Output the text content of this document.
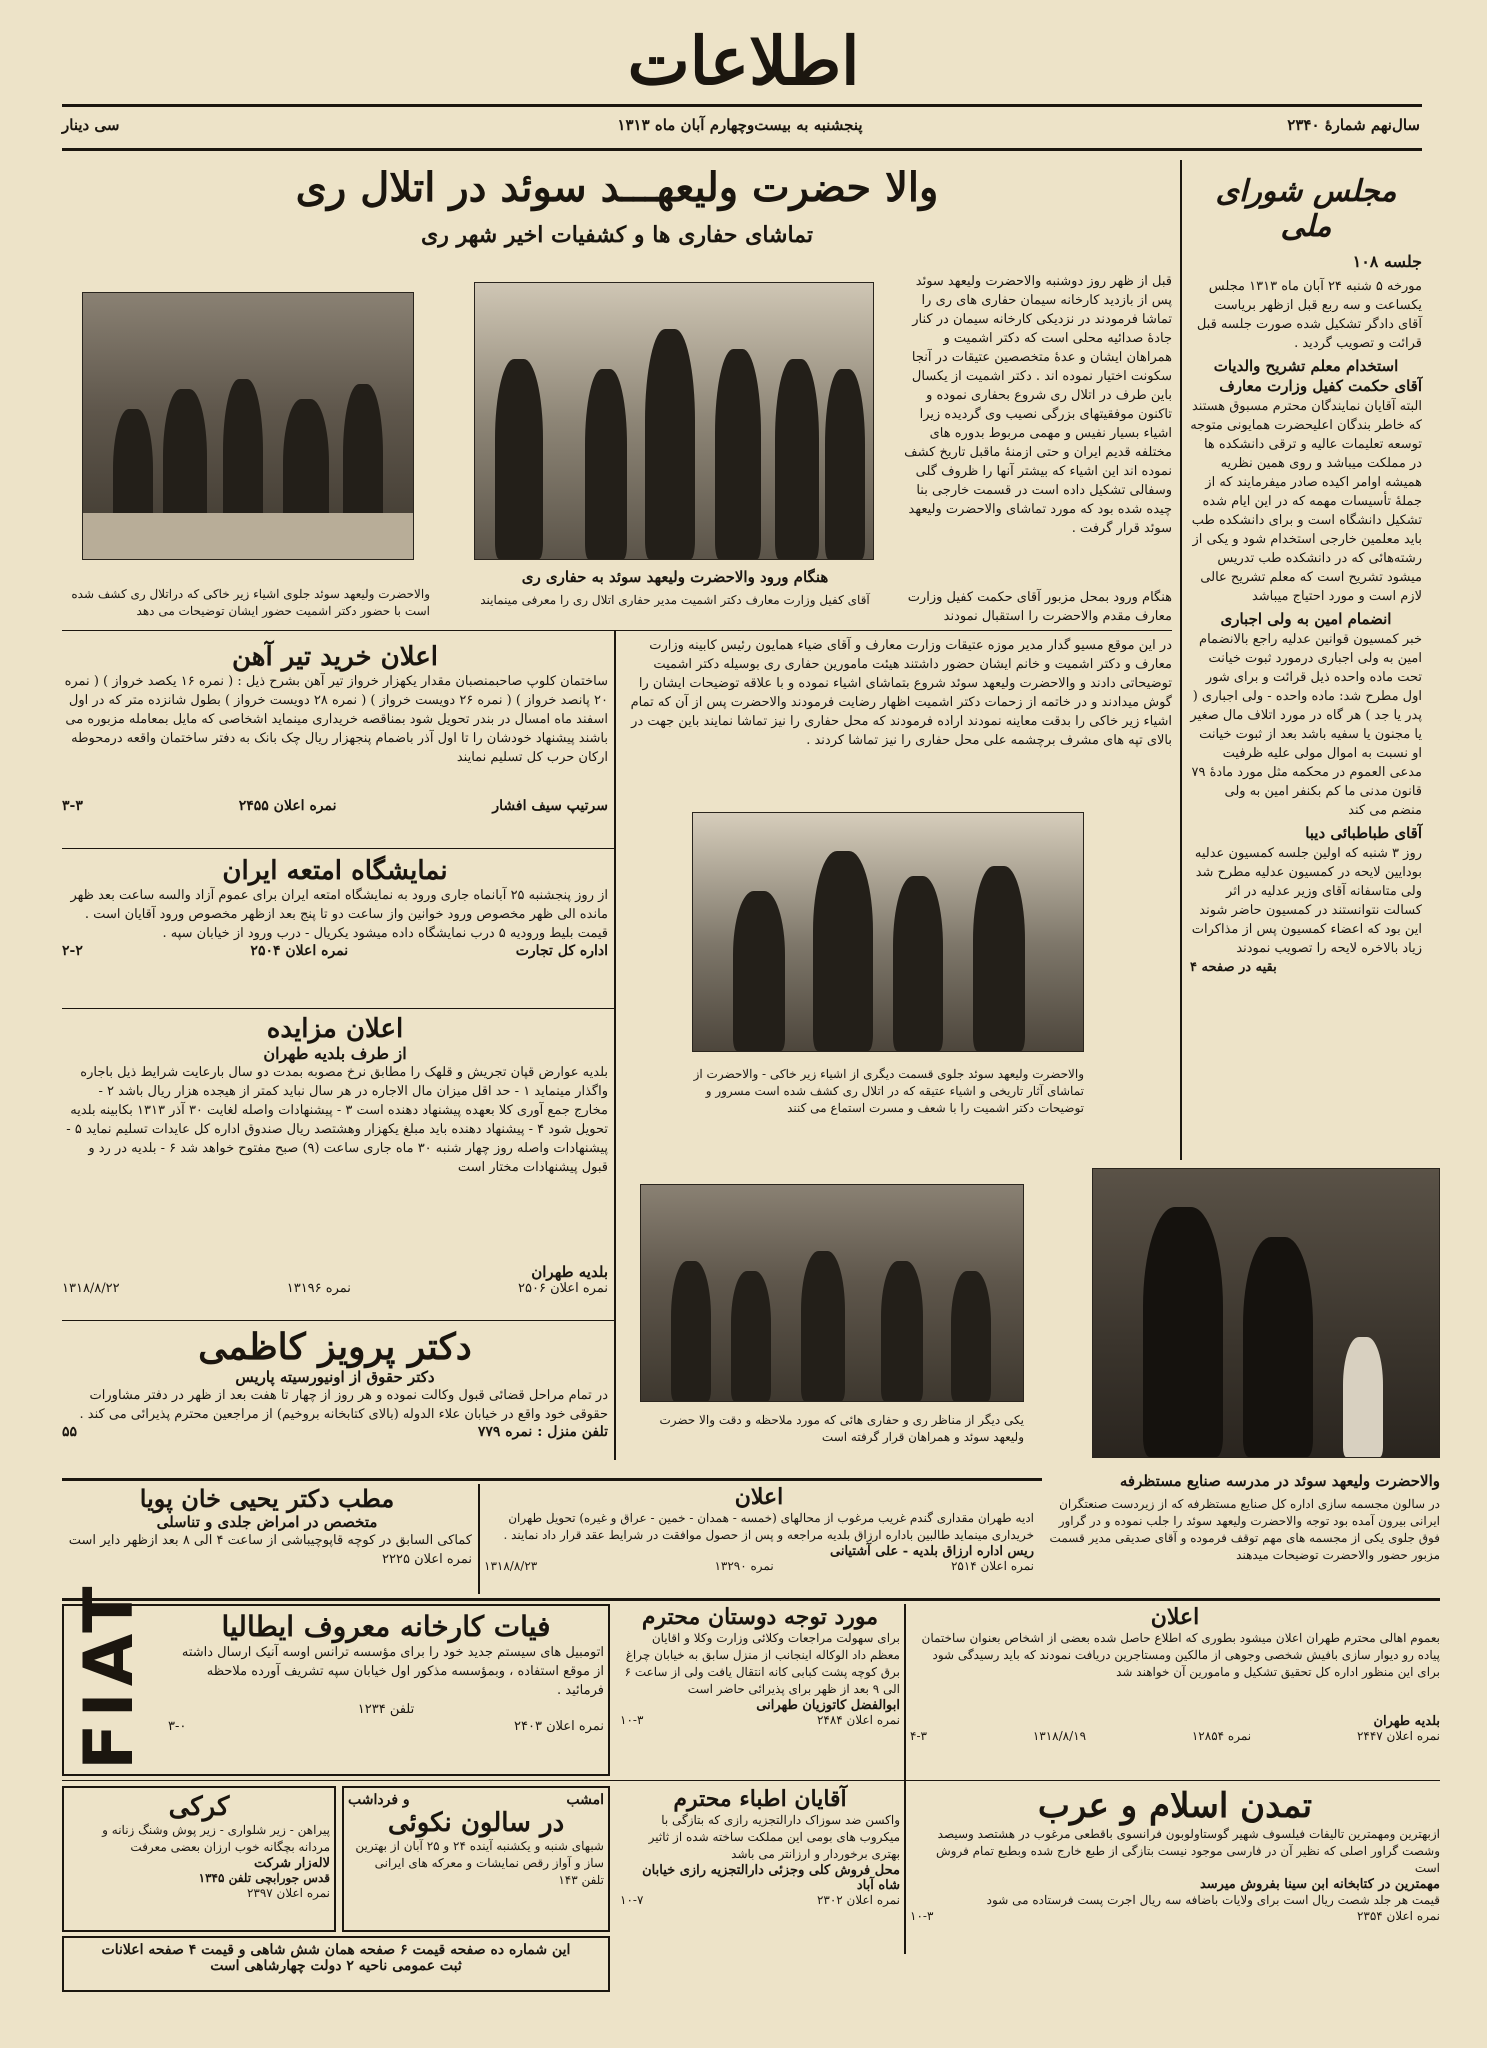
اطلاعات
سال‌نهم شمارهٔ ۲۳۴۰
پنجشنبه به بیست‌وچهارم آبان ماه ۱۳۱۳
سی دینار
مجلس شورای ملی
جلسه ۱۰۸
مورخه ۵ شنبه ۲۴ آبان ماه ۱۳۱۳ مجلس یکساعت و سه ربع قبل ازظهر بریاست آقای دادگر تشکیل شده صورت جلسه قبل قرائت و تصویب گردید .
استخدام معلم تشریح والدیات
آقای حکمت کفیل وزارت معارف
البته آقایان نمایندگان محترم مسبوق هستند که خاطر بندگان اعلیحضرت همایونی متوجه توسعه تعلیمات عالیه و ترقی دانشکده ها در مملکت میباشد و روی همین نظریه همیشه اوامر اکیده صادر میفرمایند که از جملهٔ تأسیسات مهمه که در این ایام شده تشکیل دانشگاه است و برای دانشکده طب باید معلمین خارجی استخدام شود و یکی از رشته‌هائی که در دانشکده طب تدریس میشود تشریح است که معلم تشریح عالی لازم است و مورد احتیاج میباشد
انضمام امین به ولی اجباری
خبر کمسیون قوانین عدلیه راجع بالانضمام امین به ولی اجباری درمورد ثبوت خیانت تحت ماده واحده ذیل قرائت و برای شور اول مطرح شد: ماده واحده - ولی اجباری ( پدر یا جد ) هر گاه در مورد اتلاف مال صغیر یا مجنون یا سفیه باشد بعد از ثبوت خیانت او نسبت به اموال مولی علیه ظرفیت مدعی العموم در محکمه مثل مورد مادهٔ ۷۹ قانون مدنی ما کم بکنفر امین به ولی منضم می کند
آقای طباطبائی دیبا
روز ۳ شنبه که اولین جلسه کمسیون عدلیه بودایین لایحه در کمسیون عدلیه مطرح شد ولی متاسفانه آقای وزیر عدلیه در اثر کسالت نتوانستند در کمسیون حاضر شوند این بود که اعضاء کمسیون پس از مذاکرات زیاد بالاخره لایحه را تصویب نمودند
بقیه در صفحه ۴
والا حضرت ولیعهـــد سوئد در اتلال ری
تماشای حفاری ها و کشفیات اخیر شهر ری
والاحضرت ولیعهد سوئد جلوی اشیاء زیر خاکی که دراتلال ری کشف شده است با حضور دکتر اشمیت حضور ایشان توضیحات می دهد
هنگام ورود والاحضرت ولیعهد سوئد به حفاری ری
آقای کفیل وزارت معارف دکتر اشمیت مدیر حفاری اتلال ری را معرفی مینمایند
قبل از ظهر روز دوشنبه والاحضرت ولیعهد سوئد پس از بازدید کارخانه سیمان حفاری های ری را تماشا فرمودند در نزدیکی کارخانه سیمان در کنار جادهٔ صدائیه محلی است که دکتر اشمیت و همراهان ایشان و عدهٔ متخصصین عتیقات در آنجا سکونت اختیار نموده اند . دکتر اشمیت از یکسال باین طرف در اتلال ری شروع بحفاری نموده و تاکنون موفقیتهای بزرگی نصیب وی گردیده زیرا اشیاء بسیار نفیس و مهمی مربوط بدوره های مختلفه قدیم ایران و حتی ازمنهٔ ماقبل تاریخ کشف نموده اند این اشیاء که بیشتر آنها را ظروف گلی وسفالی تشکیل داده است در قسمت خارجی بنا چیده شده بود که مورد تماشای والاحضرت ولیعهد سوئد قرار گرفت .
هنگام ورود بمحل مزبور آقای حکمت کفیل وزارت معارف مقدم والاحضرت را استقبال نمودند
در این موقع مسیو گدار مدیر موزه عتیقات وزارت معارف و آقای ضیاء همایون رئیس کابینه وزارت معارف و دکتر اشمیت و خانم ایشان حضور داشتند هیئت مامورین حفاری ری بوسیله دکتر اشمیت توضیحاتی دادند و والاحضرت ولیعهد سوئد شروع بتماشای اشیاء نموده و با علاقه توضیحات ایشان را گوش میدادند و در خاتمه از زحمات دکتر اشمیت اظهار رضایت فرمودند والاحضرت پس از آن که تمام اشیاء زیر خاکی را بدقت معاینه نمودند اراده فرمودند که محل حفاری را نیز تماشا نمایند باین جهت در بالای تپه های مشرف برچشمه علی محل حفاری را نیز تماشا کردند .
والاحضرت ولیعهد سوئد جلوی قسمت دیگری از اشیاء زیر خاکی - والاحضرت از تماشای آثار تاریخی و اشیاء عتیقه‌ که در اتلال ری کشف شده است مسرور و توضیحات دکتر اشمیت را با شعف و مسرت استماع می کنند
یکی دیگر از مناظر ری و حفاری هائی که مورد ملاحظه و دقت والا حضرت ولیعهد سوئد و همراهان قرار گرفته است
والاحضرت ولیعهد سوئد در مدرسه صنایع مستظرفه
در سالون مجسمه سازی اداره کل صنایع مستظرفه که از زیردست صنعتگران ایرانی بیرون آمده بود توجه والاحضرت ولیعهد سوئد را جلب نموده و در گراور فوق جلوی یکی از مجسمه های مهم توقف فرموده و آقای صدیقی مدیر قسمت مزبور حضور والاحضرت توضیحات میدهند
اعلان خرید تیر آهن
ساختمان کلوپ صاحبمنصبان مقدار یکهزار خرواز تیر آهن بشرح ذیل : ( نمره ۱۶ یکصد خرواز ) ( نمره ۲۰ پانصد خرواز ) ( نمره ۲۶ دویست خرواز ) ( نمره ۲۸ دویست خرواز ) بطول شانزده متر که در اول اسفند ماه امسال در بندر تحویل شود بمناقصه خریداری مینماید اشخاصی که مایل بمعامله مزبوره می باشند پیشنهاد خودشان را تا اول آذر باضمام پنجهزار ریال چک بانک به دفتر ساختمان واقعه درمحوطه ارکان حرب کل تسلیم نمایند
سرتیپ سیف افشار
نمره اعلان ۲۴۵۵
۳-۳
نمایشگاه امتعه ایران
از روز پنجشنبه ۲۵ آبانماه جاری ورود به نمایشگاه امتعه ایران برای عموم آزاد والسه ساعت بعد ظهر مانده الی ظهر مخصوص ورود خوانین واز ساعت دو تا پنج بعد ازظهر مخصوص ورود آقایان است .
قیمت بلیط ورودیه ۵ درب نمایشگاه داده میشود یکریال - درب ورود از خیابان سپه .
اداره کل تجارت
نمره اعلان ۲۵۰۴
۲-۲
اعلان مزایده
از طرف بلدیه طهران
بلدیه عوارض قپان تجریش و قلهک را مطابق نرخ مصوبه بمدت دو سال بارعایت شرایط ذیل باجاره واگذار مینماید ۱ - حد اقل میزان مال الاجاره در هر سال نباید کمتر از هیجده هزار ریال باشد ۲ - مخارج جمع آوری کلا بعهده پیشنهاد دهنده است ۳ - پیشنهادات واصله لغایت ۳۰ آذر ۱۳۱۳ بکابینه بلدیه تحویل شود ۴ - پیشنهاد دهنده باید مبلغ یکهزار وهشتصد ریال صندوق اداره کل عایدات تسلیم نماید ۵ - پیشنهادات واصله روز چهار شنبه ۳۰ ماه جاری ساعت (۹) صبح مفتوح خواهد شد ۶ - بلدیه در رد و قبول پیشنهادات مختار است
بلدیه طهران
نمره اعلان ۲۵۰۶
نمره ۱۳۱۹۶
۱۳۱۸/۸/۲۲
دکتر پرویز کاظمی
دکتر حقوق از اونیورسیته پاریس
در تمام مراحل قضائی قبول وکالت نموده و هر روز از چهار تا هفت بعد از ظهر در دفتر مشاورات حقوقی خود واقع در خیابان علاء الدوله (بالای کتابخانه بروخیم) از مراجعین محترم پذیرائی می کند .
تلفن منزل : نمره ۷۷۹
۵۵
مطب دکتر یحیی خان پویا
متخصص در امراض جلدی و تناسلی
کماکی السابق در کوچه قاپوچیباشی از ساعت ۴ الی ۸ بعد ازظهر دایر است
نمره اعلان ۲۲۲۵
اعلان
ادیه طهران مقداری گندم غریب مرغوب از محالهای (خمسه - همدان - خمین - عراق و غیره) تحویل طهران خریداری مینماید طالبین باداره ارزاق بلدیه مراجعه و پس از حصول موافقت در شرایط عقد قرار داد نمایند .
ریس اداره ارزاق بلدیه - علی آشتیانی
نمره اعلان ۲۵۱۴
نمره ۱۳۲۹۰
۱۳۱۸/۸/۲۳
FIAT	فیات کارخانه معروف ایطالیا
اتومبیل های سیستم جدید خود را برای مؤسسه ترانس اوسه آنیک ارسال داشته از موقع استفاده ، وبمؤسسه مذکور اول خیابان سپه تشریف آورده ملاحظه فرمائید .
تلفن ۱۲۳۴
نمره اعلان ۲۴۰۳
۳-۰
مورد توجه دوستان محترم
برای سهولت مراجعات وکلائی وزارت وکلا و اقایان معظم داد الوکاله اینجانب از منزل سابق به خیابان چراغ برق کوچه پشت کبابی کانه انتقال یافت ولی از ساعت ۶ الی ۹ بعد از ظهر برای پذیرائی حاضر است
ابوالفضل کاتوزیان طهرانی
نمره اعلان ۲۴۸۴
۱۰-۳
اعلان
بعموم اهالی محترم طهران اعلان میشود بطوری که اطلاع حاصل شده بعضی از اشخاص بعنوان ساختمان پیاده رو دیوار سازی بافیش شخصی وجوهی از مالکین ومستاجرین دریافت نمودند که باید رسیدگی شود برای این منظور اداره کل تحقیق تشکیل و مامورین آن خواهند شد
بلدیه طهران
نمره اعلان ۲۴۴۷
نمره ۱۲۸۵۴
۱۳۱۸/۸/۱۹
۴-۳
امشب
و فرداشب
در سالون نکوئی
شبهای شنبه و یکشنبه آینده ۲۴ و ۲۵ آبان از بهترین ساز و آواز رقص نمایشات و معرکه های ایرانی
تلفن ۱۴۳
کرکی
پیراهن - زیر شلواری - زیر پوش وشنگ زنانه و مردانه بچگانه خوب ارزان بعضی معرفت
لاله‌زار شرکت
قدس جورابچی تلفن ۱۳۴۵
نمره اعلان ۲۳۹۷
آقایان اطباء محترم
واکسن ضد سوزاک دارالتجزیه رازی که بتازگی با میکروب های بومی این مملکت ساخته شده از ثاثیر بهتری برخوردار و ارزانتر می باشد
محل فروش کلی وجزئی دارالتجزیه رازی خیابان شاه آباد
نمره اعلان ۲۳۰۲
۱۰-۷
تمدن اسلام و عرب
ازبهترین ومهمترین تالیفات فیلسوف شهیر گوستاولوبون فرانسوی باقطعی مرغوب در هشتصد وسیصد وشصت گراور اصلی که نظیر آن در فارسی موجود نیست بتازگی از طبع خارج شده وبطبع تمام فروش است
مهمترین در کتابخانه ابن سینا بفروش میرسد
قیمت هر جلد شصت ریال است برای ولایات باضافه سه ریال اجرت پست فرستاده می شود
نمره اعلان ۲۳۵۴
۱۰-۳
این شماره ده صفحه قیمت ۶ صفحه همان شش شاهی و قیمت ۴ صفحه اعلانات
ثبت عمومی ناحیه ۲ دولت چهارشاهی است
